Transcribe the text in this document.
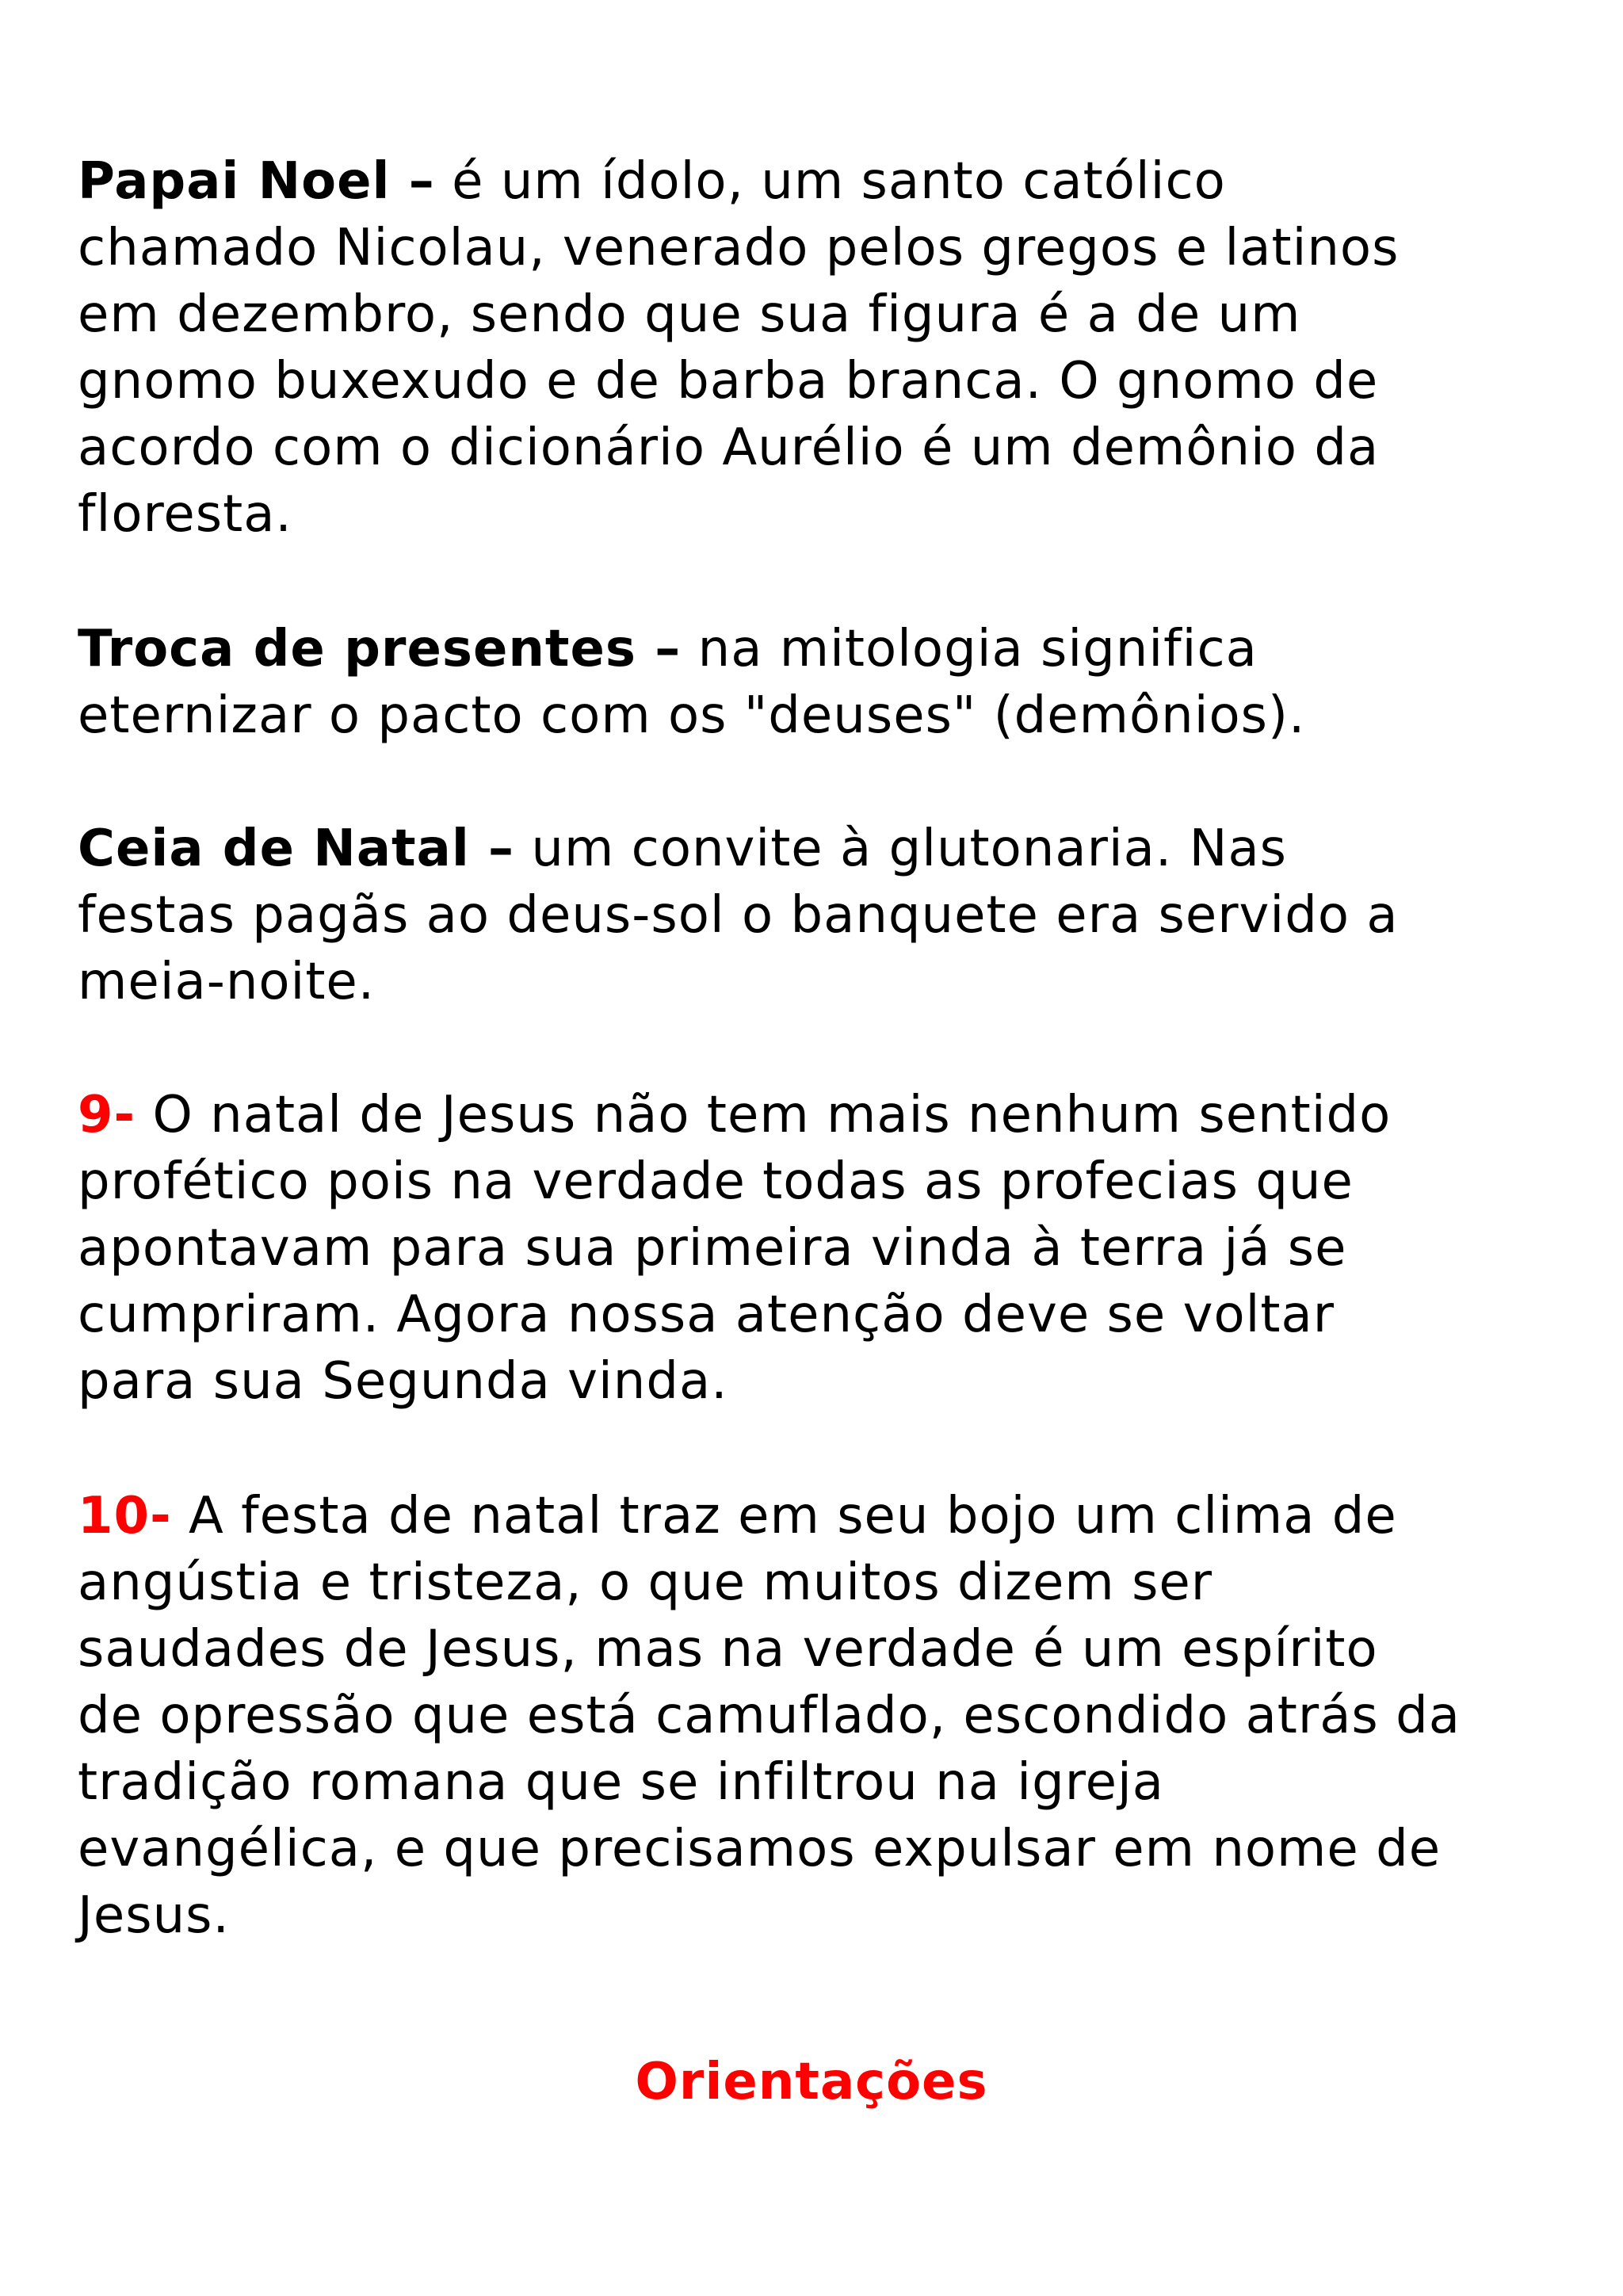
Papai Noel – é um ídolo, um santo católico
chamado Nicolau, venerado pelos gregos e latinos
em dezembro, sendo que sua figura é a de um
gnomo buxexudo e de barba branca. O gnomo de
acordo com o dicionário Aurélio é um demônio da
floresta.

Troca de presentes – na mitologia significa
eternizar o pacto com os "deuses" (demônios).

Ceia de Natal – um convite à glutonaria. Nas
festas pagãs ao deus-sol o banquete era servido a
meia-noite.

9- O natal de Jesus não tem mais nenhum sentido
profético pois na verdade todas as profecias que
apontavam para sua primeira vinda à terra já se
cumpriram. Agora nossa atenção deve se voltar
para sua Segunda vinda.

10- A festa de natal traz em seu bojo um clima de
angústia e tristeza, o que muitos dizem ser
saudades de Jesus, mas na verdade é um espírito
de opressão que está camuflado, escondido atrás da
tradição romana que se infiltrou na igreja
evangélica, e que precisamos expulsar em nome de
Jesus.

Orientações
